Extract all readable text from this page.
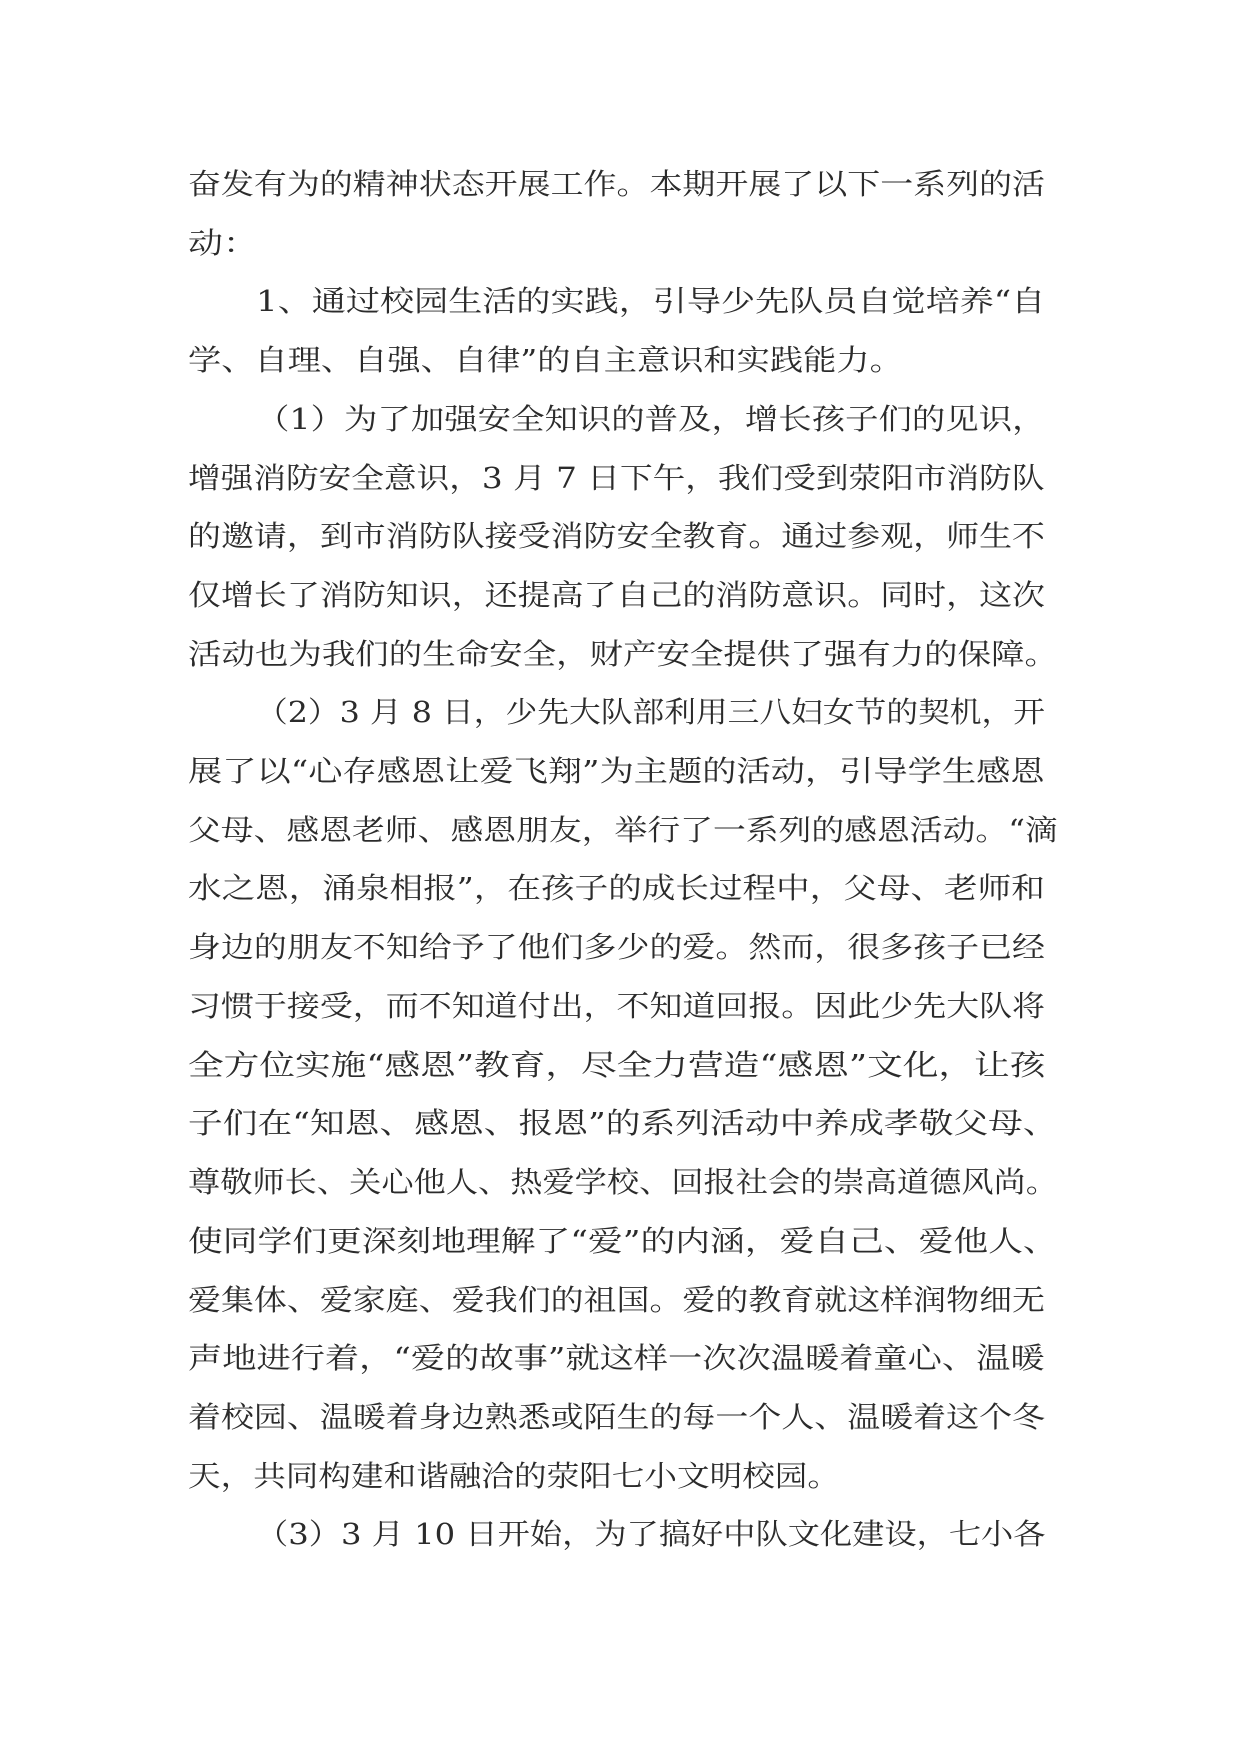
奋发有为的精神状态开展工作。本期开展了以下一系列的活
动：
1、通过校园生活的实践，引导少先队员自觉培养“自
学、自理、自强、自律”的自主意识和实践能力。
（1）为了加强安全知识的普及，增长孩子们的见识，
增强消防安全意识，3 月 7 日下午，我们受到荥阳市消防队
的邀请，到市消防队接受消防安全教育。通过参观，师生不
仅增长了消防知识，还提高了自己的消防意识。同时，这次
活动也为我们的生命安全，财产安全提供了强有力的保障。
（2）3 月 8 日，少先大队部利用三八妇女节的契机，开
展了以“心存感恩让爱飞翔”为主题的活动，引导学生感恩
父母、感恩老师、感恩朋友，举行了一系列的感恩活动。“滴
水之恩，涌泉相报”，在孩子的成长过程中，父母、老师和
身边的朋友不知给予了他们多少的爱。然而，很多孩子已经
习惯于接受，而不知道付出，不知道回报。因此少先大队将
全方位实施“感恩”教育，尽全力营造“感恩”文化，让孩
子们在“知恩、感恩、报恩”的系列活动中养成孝敬父母、
尊敬师长、关心他人、热爱学校、回报社会的崇高道德风尚。
使同学们更深刻地理解了“爱”的内涵，爱自己、爱他人、
爱集体、爱家庭、爱我们的祖国。爱的教育就这样润物细无
声地进行着，“爱的故事”就这样一次次温暖着童心、温暖
着校园、温暖着身边熟悉或陌生的每一个人、温暖着这个冬
天，共同构建和谐融洽的荥阳七小文明校园。
（3）3 月 10 日开始，为了搞好中队文化建设，七小各
